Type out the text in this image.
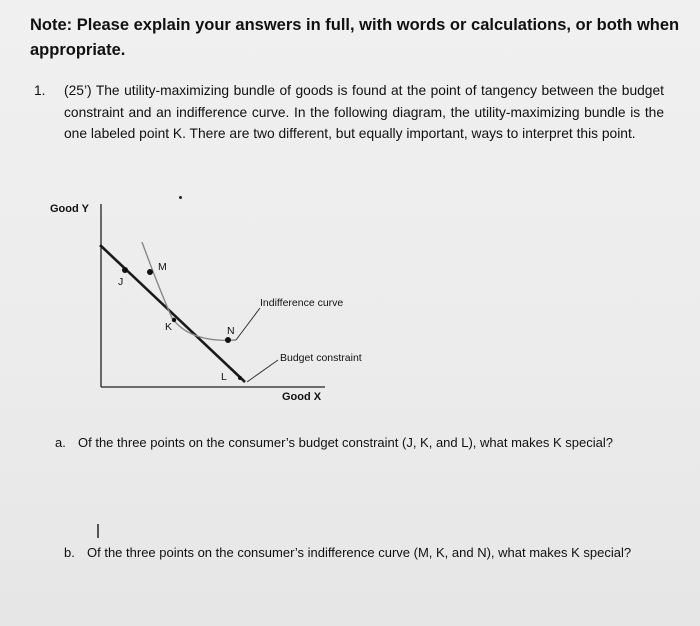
Note: Please explain your answers in full, with words or calculations, or both when appropriate.
1. (25’) The utility-maximizing bundle of goods is found at the point of tangency between the budget constraint and an indifference curve. In the following diagram, the utility-maximizing bundle is the one labeled point K. There are two different, but equally important, ways to interpret this point.
Good Y
Good X
Budget constraint
Indifference curve
J
M
K	N
L
a. Of the three points on the consumer’s budget constraint (J, K, and L), what makes K special?
b. Of the three points on the consumer’s indifference curve (M, K, and N), what makes K special?
